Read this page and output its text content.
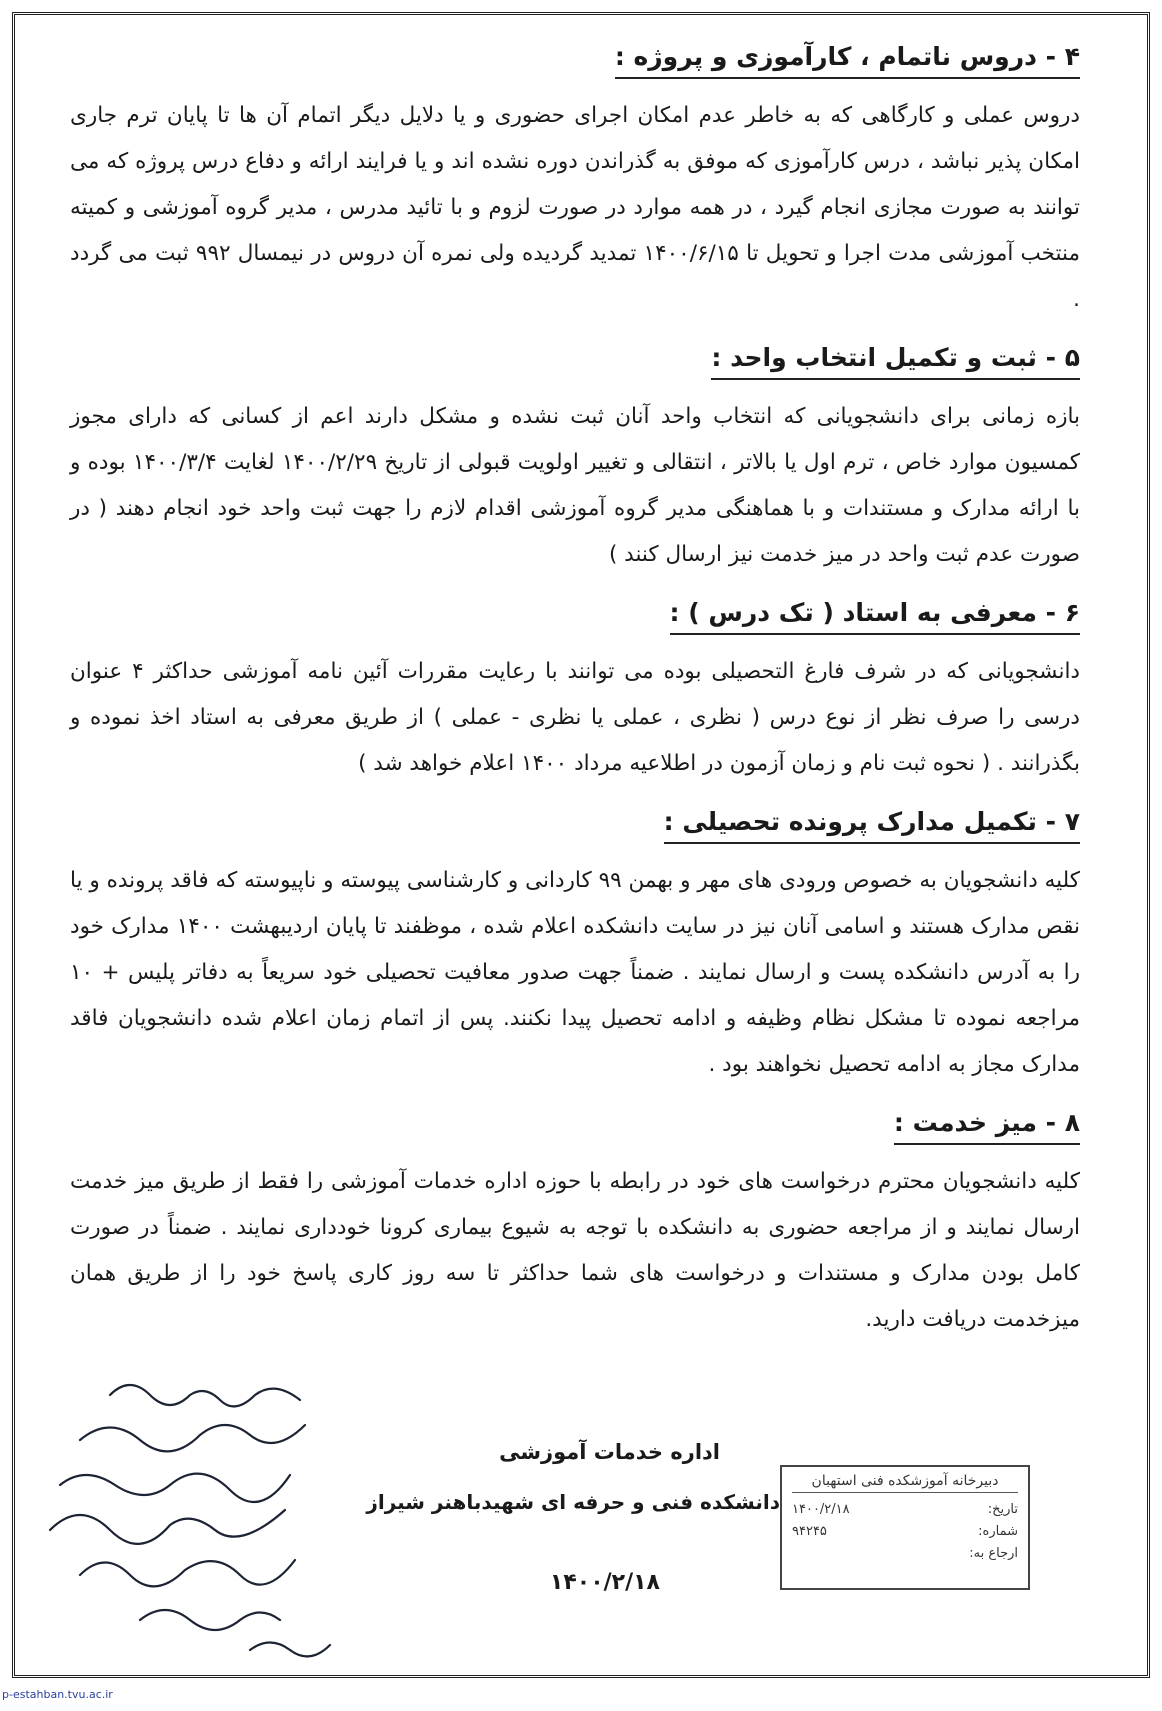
۴ - دروس ناتمام ، کارآموزی و پروژه :

دروس عملی و کارگاهی که به خاطر عدم امکان اجرای حضوری و یا دلایل دیگر اتمام آن ها تا پایان ترم جاری امکان پذیر نباشد ، درس کارآموزی که موفق به گذراندن دوره نشده اند و یا فرایند ارائه و دفاع درس پروژه که می توانند به صورت مجازی انجام گیرد ، در همه موارد در صورت لزوم و با تائید مدرس ، مدیر گروه آموزشی و کمیته منتخب آموزشی مدت اجرا و تحویل تا ۱۴۰۰/۶/۱۵ تمدید گردیده ولی نمره آن دروس در نیمسال ۹۹۲ ثبت می گردد .

۵ - ثبت و تکمیل انتخاب واحد :

بازه زمانی برای دانشجویانی که انتخاب واحد آنان ثبت نشده و مشکل دارند اعم از کسانی که دارای مجوز کمسیون موارد خاص ، ترم اول یا بالاتر ، انتقالی و تغییر اولویت قبولی از تاریخ ۱۴۰۰/۲/۲۹ لغایت ۱۴۰۰/۳/۴ بوده و با ارائه مدارک و مستندات و با هماهنگی مدیر گروه آموزشی اقدام لازم را جهت ثبت واحد خود انجام دهند ( در صورت عدم ثبت واحد در میز خدمت نیز ارسال کنند )

۶ - معرفی به استاد ( تک درس ) :

دانشجویانی که در شرف فارغ التحصیلی بوده می توانند با رعایت مقررات آئین نامه آموزشی حداکثر ۴ عنوان درسی را صرف نظر از نوع درس ( نظری ، عملی یا نظری - عملی ) از طریق معرفی به استاد اخذ نموده و بگذرانند . ( نحوه ثبت نام و زمان آزمون در اطلاعیه مرداد ۱۴۰۰ اعلام خواهد شد )

۷ - تکمیل مدارک پرونده تحصیلی :

کلیه دانشجویان به خصوص ورودی های مهر و بهمن ۹۹ کاردانی و کارشناسی پیوسته و ناپیوسته که فاقد پرونده و یا نقص مدارک هستند و اسامی آنان نیز در سایت دانشکده اعلام شده ، موظفند تا پایان اردیبهشت ۱۴۰۰ مدارک خود را به آدرس دانشکده پست و ارسال نمایند . ضمناً جهت صدور معافیت تحصیلی خود سریعاً به دفاتر پلیس + ۱۰ مراجعه نموده تا مشکل نظام وظیفه و ادامه تحصیل پیدا نکنند. پس از اتمام زمان اعلام شده دانشجویان فاقد مدارک مجاز به ادامه تحصیل نخواهند بود .

۸ - میز خدمت :

کلیه دانشجویان محترم درخواست های خود در رابطه با حوزه اداره خدمات آموزشی را فقط از طریق میز خدمت ارسال نمایند و از مراجعه حضوری به دانشکده با توجه به شیوع بیماری کرونا خودداری نمایند . ضمناً در صورت کامل بودن مدارک و مستندات و درخواست های شما حداکثر تا سه روز کاری پاسخ خود را از طریق همان میزخدمت دریافت دارید.

اداره خدمات آموزشی
دانشکده فنی و حرفه ای شهیدباهنر شیراز
۱۴۰۰/۲/۱۸
دبیرخانه آموزشکده فنی استهبان
تاریخ:
۱۴۰۰/۲/۱۸
شماره:
۹۴۲۴۵
ارجاع به:
p-estahban.tvu.ac.ir
